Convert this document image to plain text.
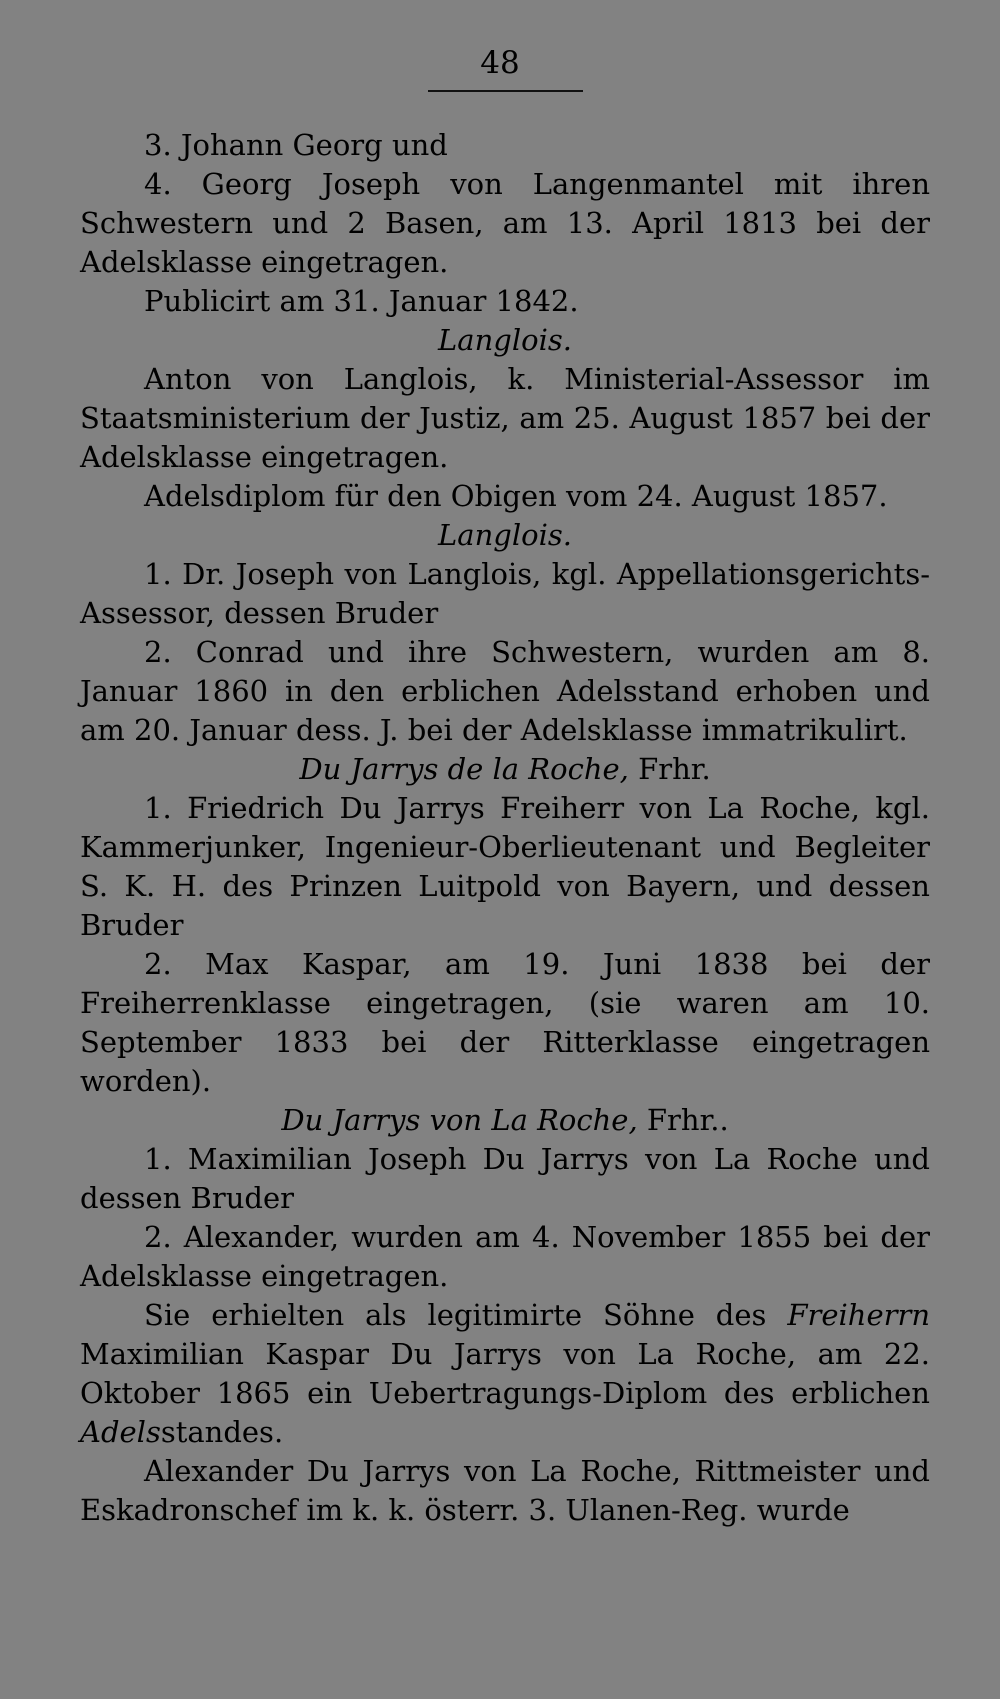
48

3. Johann Georg und

4. Georg Joseph von Langenmantel mit ihren Schwestern und 2 Basen, am 13. April 1813 bei der Adelsklasse eingetragen.

Publicirt am 31. Januar 1842.

Langlois.

Anton von Langlois, k. Ministerial-Assessor im Staatsministerium der Justiz, am 25. August 1857 bei der Adelsklasse eingetragen.

Adelsdiplom für den Obigen vom 24. August 1857.

Langlois.

1. Dr. Joseph von Langlois, kgl. Appellationsgerichts-Assessor, dessen Bruder

2. Conrad und ihre Schwestern, wurden am 8. Januar 1860 in den erblichen Adelsstand erhoben und am 20. Januar dess. J. bei der Adelsklasse immatrikulirt.

Du Jarrys de la Roche, Frhr.

1. Friedrich Du Jarrys Freiherr von La Roche, kgl. Kammerjunker, Ingenieur-Oberlieutenant und Begleiter S. K. H. des Prinzen Luitpold von Bayern, und dessen Bruder

2. Max Kaspar, am 19. Juni 1838 bei der Freiherrenklasse eingetragen, (sie waren am 10. September 1833 bei der Ritterklasse eingetragen worden).

Du Jarrys von La Roche, Frhr..

1. Maximilian Joseph Du Jarrys von La Roche und dessen Bruder

2. Alexander, wurden am 4. November 1855 bei der Adelsklasse eingetragen.

Sie erhielten als legitimirte Söhne des Freiherrn Maximilian Kaspar Du Jarrys von La Roche, am 22. Oktober 1865 ein Uebertragungs-Diplom des erblichen Adelsstandes.

Alexander Du Jarrys von La Roche, Rittmeister und Eskadronschef im k. k. österr. 3. Ulanen-Reg. wurde
